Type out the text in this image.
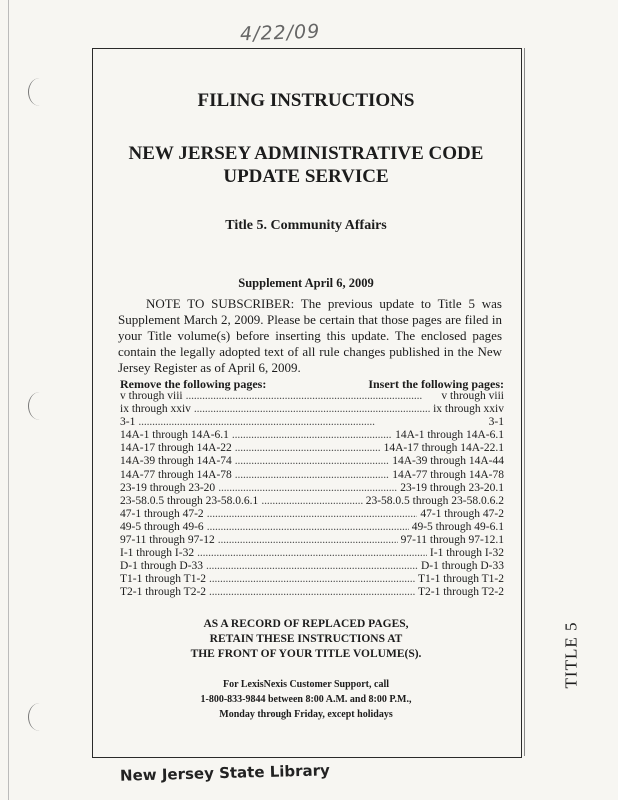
4/22/09

FILING INSTRUCTIONS

NEW JERSEY ADMINISTRATIVE CODE

UPDATE SERVICE

Title 5. Community Affairs

Supplement April 6, 2009

NOTE TO SUBSCRIBER: The previous update to Title 5 was Supplement March 2, 2009. Please be certain that those pages are filed in your Title volume(s) before inserting this update. The enclosed pages contain the legally adopted text of all rule changes published in the New Jersey Register as of April 6, 2009.

Remove the following pages:	Insert the following pages:
v through viii . . .	v through viii
ix through xxiv . . .	ix through xxiv
3-1 . . .	3-1
14A-1 through 14A-6.1 . . .	14A-1 through 14A-6.1
14A-17 through 14A-22 . . .	14A-17 through 14A-22.1
14A-39 through 14A-74 . . .	14A-39 through 14A-44
14A-77 through 14A-78 . . .	14A-77 through 14A-78
23-19 through 23-20 . . .	23-19 through 23-20.1
23-58.0.5 through 23-58.0.6.1 . . .	23-58.0.5 through 23-58.0.6.2
47-1 through 47-2 . . .	47-1 through 47-2
49-5 through 49-6 . . .	49-5 through 49-6.1
97-11 through 97-12 . . .	97-11 through 97-12.1
I-1 through I-32 . . .	I-1 through I-32
D-1 through D-33 . . .	D-1 through D-33
T1-1 through T1-2 . . .	T1-1 through T1-2
T2-1 through T2-2 . . .	T2-1 through T2-2

AS A RECORD OF REPLACED PAGES,

RETAIN THESE INSTRUCTIONS AT

THE FRONT OF YOUR TITLE VOLUME(S).

For LexisNexis Customer Support, call

1-800-833-9844 between 8:00 A.M. and 8:00 P.M.,

Monday through Friday, except holidays

TITLE 5
New Jersey State Library
